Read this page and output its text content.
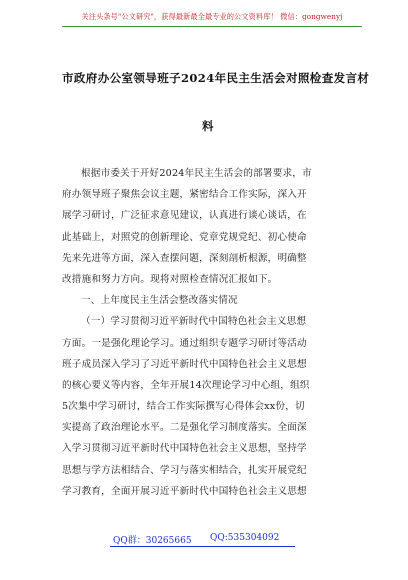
关注头条号"公文研究"，获得最新最全最专业的公文资料库！ 微信：gongwenyj
市政府办公室领导班子2024年民主生活会对照检查发言材
料
根据市委关于开好2024年民主生活会的部署要求，市
府办领导班子聚焦会议主题，紧密结合工作实际，深入开
展学习研讨，广泛征求意见建议，认真进行谈心谈话，在
此基础上，对照党的创新理论、党章党规党纪、初心使命
先来先进等方面，深入查摆问题，深刻剖析根源，明确整
改措施和努力方向。现将对照检查情况汇报如下。
一、上年度民主生活会整改落实情况
（一）学习贯彻习近平新时代中国特色社会主义思想
方面。一是强化理论学习。通过组织专题学习研讨等活动
班子成员深入学习了习近平新时代中国特色社会主义思想
的核心要义等内容，全年开展14次理论学习中心组，组织
5次集中学习研讨，结合工作实际撰写心得体会xx份，切
实提高了政治理论水平。二是强化学习制度落实。全面深
入学习贯彻习近平新时代中国特色社会主义思想，坚持学
思想与学方法相结合、学习与落实相结合，扎实开展党纪
学习教育，全面开展习近平新时代中国特色社会主义思想
QQ群：30265665 QQ:535304092
